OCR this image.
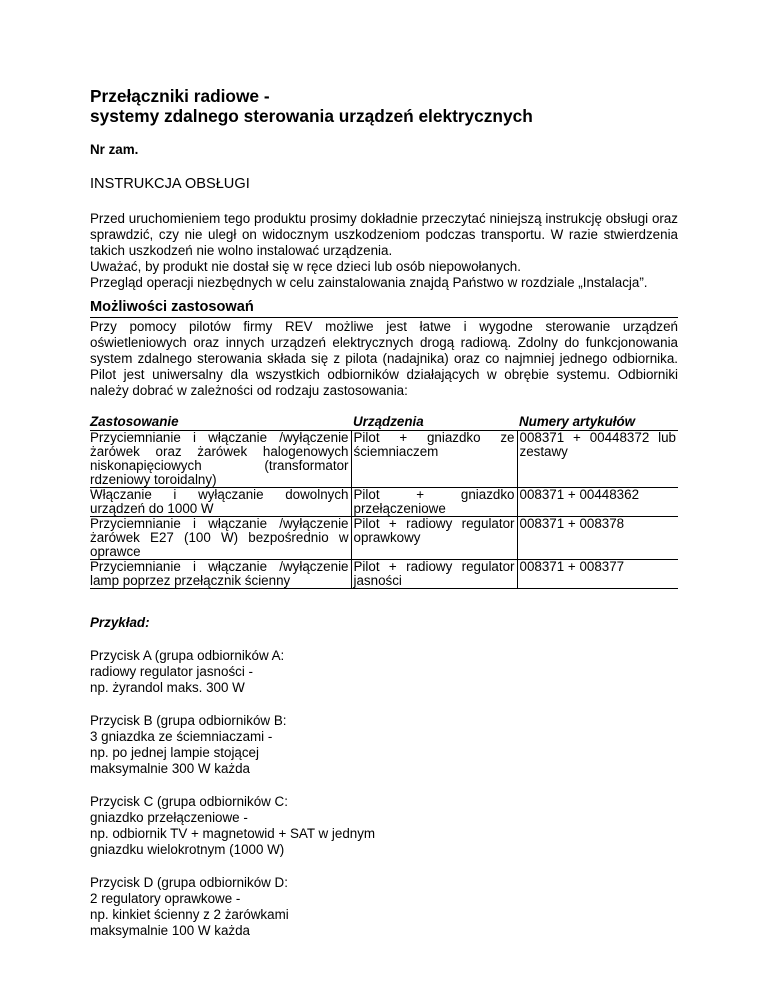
Przełączniki radiowe -
systemy zdalnego sterowania urządzeń elektrycznych
Nr zam.
INSTRUKCJA OBSŁUGI

Przed uruchomieniem tego produktu prosimy dokładnie przeczytać niniejszą instrukcję obsługi oraz sprawdzić, czy nie uległ on widocznym uszkodzeniom podczas transportu. W razie stwierdzenia takich uszkodzeń nie wolno instalować urządzenia.

Uważać, by produkt nie dostał się w ręce dzieci lub osób niepowołanych.

Przegląd operacji niezbędnych w celu zainstalowania znajdą Państwo w rozdziale „Instalacja”.

Możliwości zastosowań
Przy pomocy pilotów firmy REV możliwe jest łatwe i wygodne sterowanie urządzeń oświetleniowych oraz innych urządzeń elektrycznych drogą radiową. Zdolny do funkcjonowania system zdalnego sterowania składa się z pilota (nadajnika) oraz co najmniej jednego odbiornika. Pilot jest uniwersalny dla wszystkich odbiorników działających w obrębie systemu. Odbiorniki należy dobrać w zależności od rodzaju zastosowania:
Zastosowanie	Urządzenia	Numery artykułów
Przyciemnianie i włączanie /wyłączenie żarówek oraz żarówek halogenowych niskonapięciowych (transformator rdzeniowy toroidalny)	Pilot + gniazdko ze ściemniaczem	008371 + 00448372 lub zestawy
Włączanie i wyłączanie dowolnych urządzeń do 1000 W	Pilot + gniazdko przełączeniowe	008371 + 00448362
Przyciemnianie i włączanie /wyłączenie żarówek E27 (100 W) bezpośrednio w oprawce	Pilot + radiowy regulator oprawkowy	008371 + 008378
Przyciemnianie i włączanie /wyłączenie lamp poprzez przełącznik ścienny	Pilot + radiowy regulator jasności	008371 + 008377
Przykład:
Przycisk A (grupa odbiorników A:
radiowy regulator jasności -
np. żyrandol maks. 300 W
Przycisk B (grupa odbiorników B:
3 gniazdka ze ściemniaczami -
np. po jednej lampie stojącej
maksymalnie 300 W każda
Przycisk C (grupa odbiorników C:
gniazdko przełączeniowe -
np. odbiornik TV + magnetowid + SAT w jednym
gniazdku wielokrotnym (1000 W)
Przycisk D (grupa odbiorników D:
2 regulatory oprawkowe -
np. kinkiet ścienny z 2 żarówkami
maksymalnie 100 W każda
